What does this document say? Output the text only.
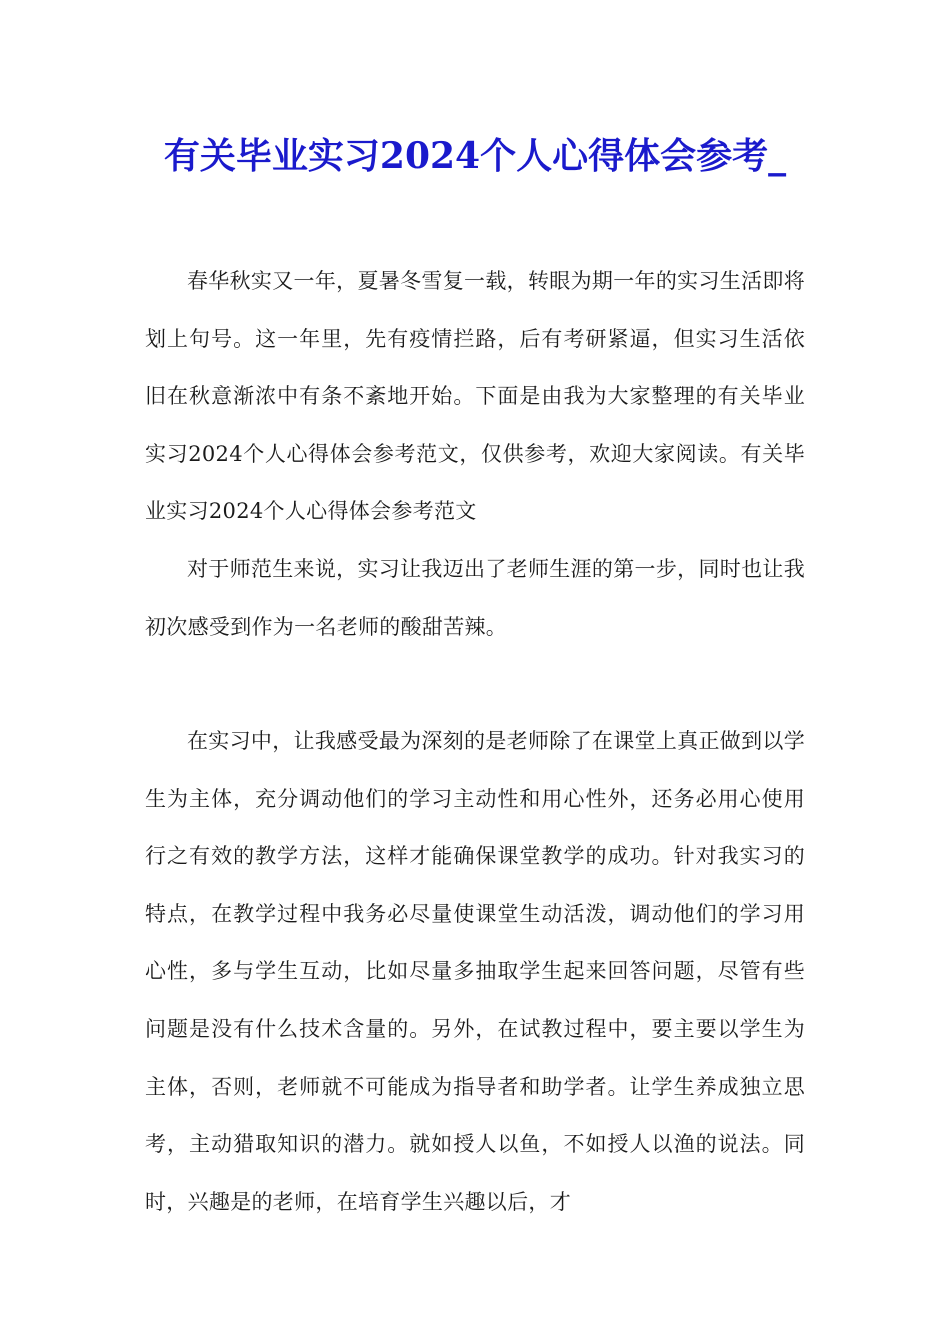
有关毕业实习2024个人心得体会参考_

春华秋实又一年，夏暑冬雪复一载，转眼为期一年的实习生活即将划上句号。这一年里，先有疫情拦路，后有考研紧逼，但实习生活依旧在秋意渐浓中有条不紊地开始。下面是由我为大家整理的有关毕业实习2024个人心得体会参考范文，仅供参考，欢迎大家阅读。有关毕业实习2024个人心得体会参考范文

对于师范生来说，实习让我迈出了老师生涯的第一步，同时也让我初次感受到作为一名老师的酸甜苦辣。

在实习中，让我感受最为深刻的是老师除了在课堂上真正做到以学生为主体，充分调动他们的学习主动性和用心性外，还务必用心使用行之有效的教学方法，这样才能确保课堂教学的成功。针对我实习的特点，在教学过程中我务必尽量使课堂生动活泼，调动他们的学习用心性，多与学生互动，比如尽量多抽取学生起来回答问题，尽管有些问题是没有什么技术含量的。另外，在试教过程中，要主要以学生为主体，否则，老师就不可能成为指导者和助学者。让学生养成独立思考，主动猎取知识的潜力。就如授人以鱼，不如授人以渔的说法。同时，兴趣是的老师，在培育学生兴趣以后，才
